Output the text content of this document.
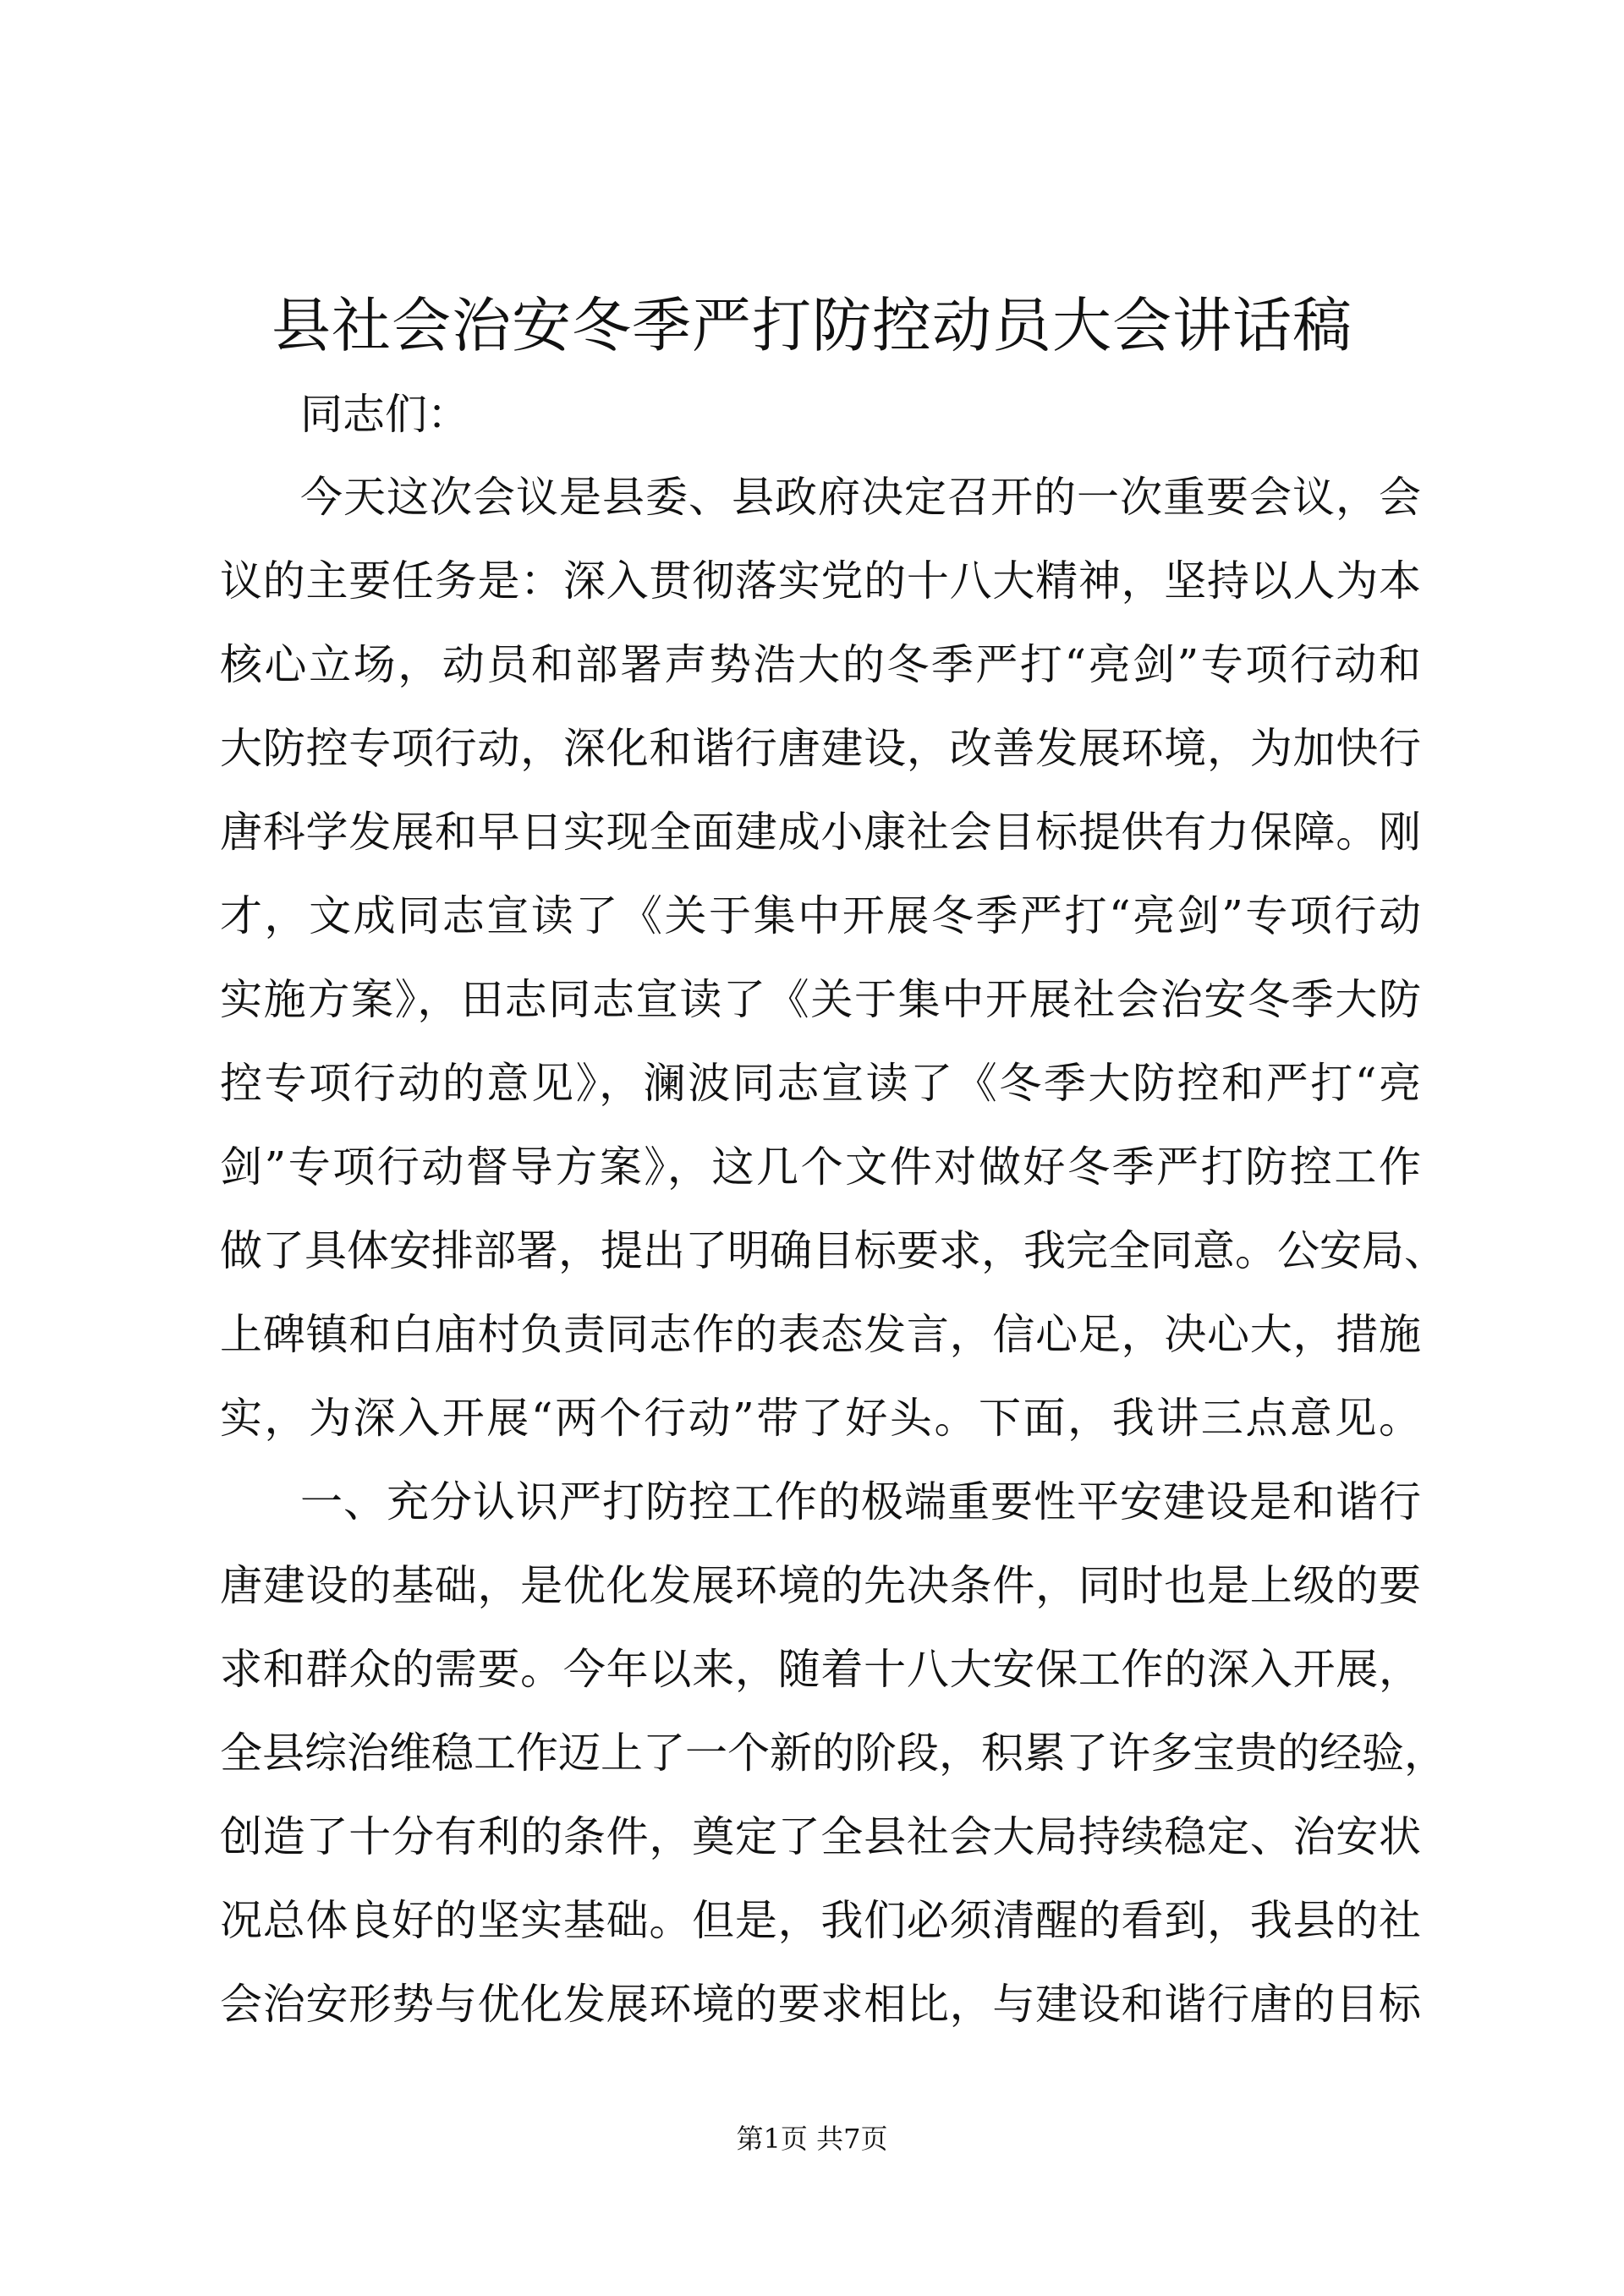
县社会治安冬季严打防控动员大会讲话稿
同志们：
今天这次会议是县委、县政府决定召开的一次重要会议，会
议的主要任务是：深入贯彻落实党的十八大精神，坚持以人为本
核心立场，动员和部署声势浩大的冬季严打“亮剑”专项行动和
大防控专项行动，深化和谐行唐建设，改善发展环境，为加快行
唐科学发展和早日实现全面建成小康社会目标提供有力保障。刚
才，文成同志宣读了《关于集中开展冬季严打“亮剑”专项行动
实施方案》，田志同志宣读了《关于集中开展社会治安冬季大防
控专项行动的意见》，澜波同志宣读了《冬季大防控和严打“亮
剑”专项行动督导方案》，这几个文件对做好冬季严打防控工作
做了具体安排部署，提出了明确目标要求，我完全同意。公安局、
上碑镇和白庙村负责同志作的表态发言，信心足，决心大，措施
实，为深入开展“两个行动”带了好头。下面，我讲三点意见。
一、充分认识严打防控工作的极端重要性平安建设是和谐行
唐建设的基础，是优化发展环境的先决条件，同时也是上级的要
求和群众的需要。今年以来，随着十八大安保工作的深入开展，
全县综治维稳工作迈上了一个新的阶段，积累了许多宝贵的经验，
创造了十分有利的条件，奠定了全县社会大局持续稳定、治安状
况总体良好的坚实基础。但是，我们必须清醒的看到，我县的社
会治安形势与优化发展环境的要求相比，与建设和谐行唐的目标
第1页 共7页
